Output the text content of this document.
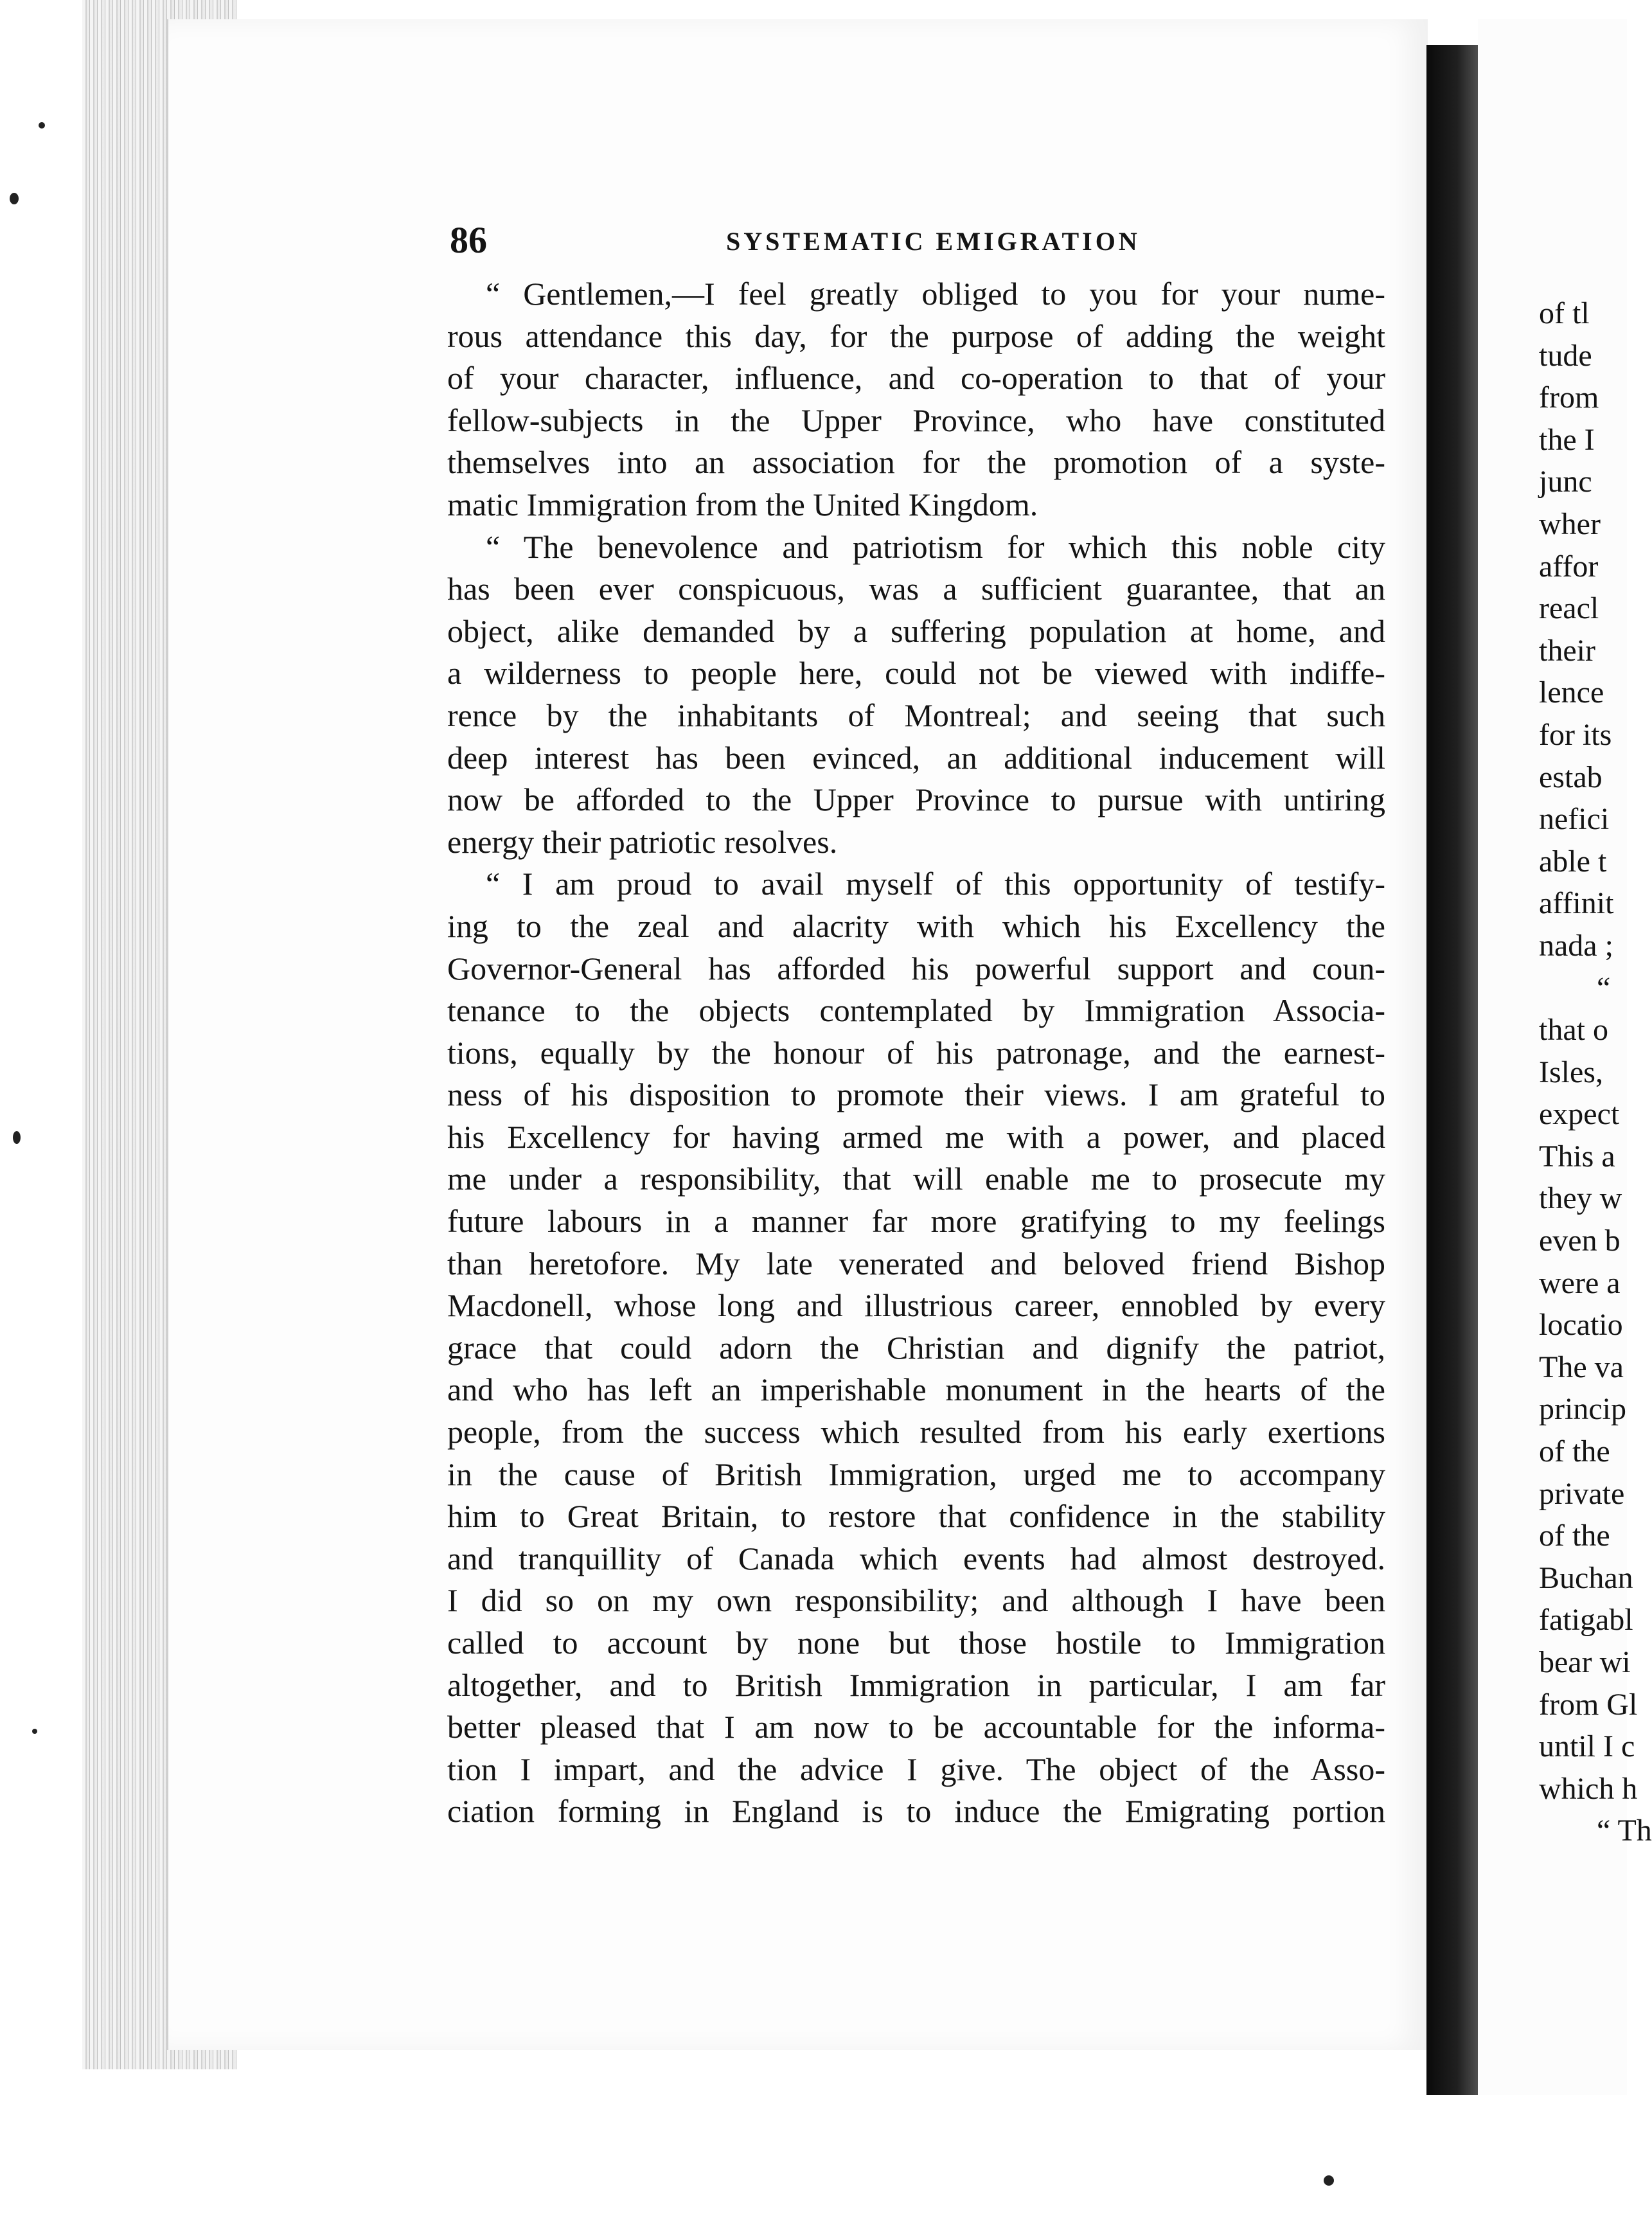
86	SYSTEMATIC EMIGRATION
“ Gentlemen,—I feel greatly obliged to you for your nume-
rous attendance this day, for the purpose of adding the weight
of your character, influence, and co-operation to that of your
fellow-subjects in the Upper Province, who have constituted
themselves into an association for the promotion of a syste-
matic Immigration from the United Kingdom.
“ The benevolence and patriotism for which this noble city
has been ever conspicuous, was a sufficient guarantee, that an
object, alike demanded by a suffering population at home, and
a wilderness to people here, could not be viewed with indiffe-
rence by the inhabitants of Montreal; and seeing that such
deep interest has been evinced, an additional inducement will
now be afforded to the Upper Province to pursue with untiring
energy their patriotic resolves.
“ I am proud to avail myself of this opportunity of testify-
ing to the zeal and alacrity with which his Excellency the
Governor-General has afforded his powerful support and coun-
tenance to the objects contemplated by Immigration Associa-
tions, equally by the honour of his patronage, and the earnest-
ness of his disposition to promote their views. I am grateful to
his Excellency for having armed me with a power, and placed
me under a responsibility, that will enable me to prosecute my
future labours in a manner far more gratifying to my feelings
than heretofore. My late venerated and beloved friend Bishop
Macdonell, whose long and illustrious career, ennobled by every
grace that could adorn the Christian and dignify the patriot,
and who has left an imperishable monument in the hearts of the
people, from the success which resulted from his early exertions
in the cause of British Immigration, urged me to accompany
him to Great Britain, to restore that confidence in the stability
and tranquillity of Canada which events had almost destroyed.
I did so on my own responsibility; and although I have been
called to account by none but those hostile to Immigration
altogether, and to British Immigration in particular, I am far
better pleased that I am now to be accountable for the informa-
tion I impart, and the advice I give. The object of the Asso-
ciation forming in England is to induce the Emigrating portion
of tl
tude
from
the I
junc
wher
affor
reacl
their
lence
for its
estab
nefici
able t
affinit
nada ;
“
that o
Isles,
expect
This a
they w
even b
were a
locatio
The va
princip
of the
private
of the
Buchan
fatigabl
bear wi
from Gl
until I c
which h
“ Th
